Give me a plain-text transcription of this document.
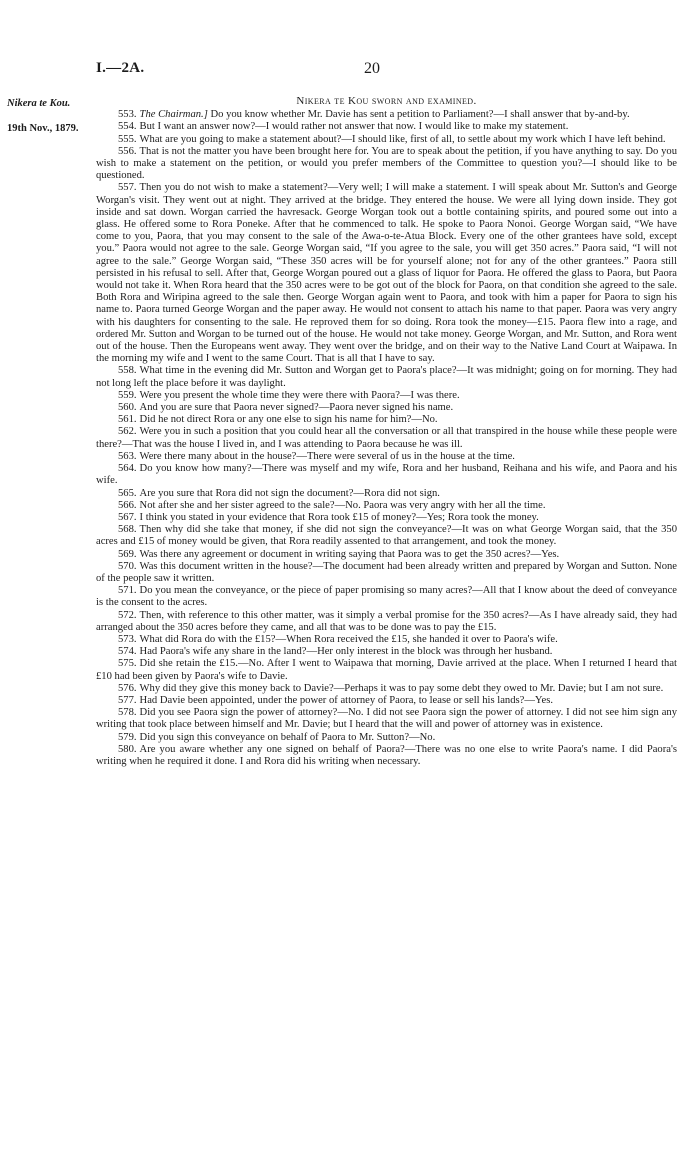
I.—2A.	20
Nikera te Kou.
19th Nov., 1879.
Nikera te Kou sworn and examined.

553. The Chairman.] Do you know whether Mr. Davie has sent a petition to Parliament?—I shall answer that by-and-by.

554. But I want an answer now?—I would rather not answer that now. I would like to make my statement.

555. What are you going to make a statement about?—I should like, first of all, to settle about my work which I have left behind.

556. That is not the matter you have been brought here for. You are to speak about the petition, if you have anything to say. Do you wish to make a statement on the petition, or would you prefer members of the Committee to question you?—I should like to be questioned.

557. Then you do not wish to make a statement?—Very well; I will make a statement. I will speak about Mr. Sutton's and George Worgan's visit. They went out at night. They arrived at the bridge. They entered the house. We were all lying down inside. They got inside and sat down. Worgan carried the havresack. George Worgan took out a bottle containing spirits, and poured some out into a glass. He offered some to Rora Poneke. After that he commenced to talk. He spoke to Paora Nonoi. George Worgan said, “We have come to you, Paora, that you may consent to the sale of the Awa-o-te-Atua Block. Every one of the other grantees have sold, except you.” Paora would not agree to the sale. George Worgan said, “If you agree to the sale, you will get 350 acres.” Paora said, “I will not agree to the sale.” George Worgan said, “These 350 acres will be for yourself alone; not for any of the other grantees.” Paora still persisted in his refusal to sell. After that, George Worgan poured out a glass of liquor for Paora. He offered the glass to Paora, but Paora would not take it. When Rora heard that the 350 acres were to be got out of the block for Paora, on that condition she agreed to the sale. Both Rora and Wiripina agreed to the sale then. George Worgan again went to Paora, and took with him a paper for Paora to sign his name to. Paora turned George Worgan and the paper away. He would not consent to attach his name to that paper. Paora was very angry with his daughters for consenting to the sale. He reproved them for so doing. Rora took the money—£15. Paora flew into a rage, and ordered Mr. Sutton and Worgan to be turned out of the house. He would not take money. George Worgan, and Mr. Sutton, and Rora went out of the house. Then the Europeans went away. They went over the bridge, and on their way to the Native Land Court at Waipawa. In the morning my wife and I went to the same Court. That is all that I have to say.

558. What time in the evening did Mr. Sutton and Worgan get to Paora's place?—It was midnight; going on for morning. They had not long left the place before it was daylight.

559. Were you present the whole time they were there with Paora?—I was there.

560. And you are sure that Paora never signed?—Paora never signed his name.

561. Did he not direct Rora or any one else to sign his name for him?—No.

562. Were you in such a position that you could hear all the conversation or all that transpired in the house while these people were there?—That was the house I lived in, and I was attending to Paora because he was ill.

563. Were there many about in the house?—There were several of us in the house at the time.

564. Do you know how many?—There was myself and my wife, Rora and her husband, Reihana and his wife, and Paora and his wife.

565. Are you sure that Rora did not sign the document?—Rora did not sign.

566. Not after she and her sister agreed to the sale?—No. Paora was very angry with her all the time.

567. I think you stated in your evidence that Rora took £15 of money?—Yes; Rora took the money.

568. Then why did she take that money, if she did not sign the conveyance?—It was on what George Worgan said, that the 350 acres and £15 of money would be given, that Rora readily assented to that arrangement, and took the money.

569. Was there any agreement or document in writing saying that Paora was to get the 350 acres?—Yes.

570. Was this document written in the house?—The document had been already written and prepared by Worgan and Sutton. None of the people saw it written.

571. Do you mean the conveyance, or the piece of paper promising so many acres?—All that I know about the deed of conveyance is the consent to the acres.

572. Then, with reference to this other matter, was it simply a verbal promise for the 350 acres?—As I have already said, they had arranged about the 350 acres before they came, and all that was to be done was to pay the £15.

573. What did Rora do with the £15?—When Rora received the £15, she handed it over to Paora's wife.

574. Had Paora's wife any share in the land?—Her only interest in the block was through her husband.

575. Did she retain the £15.—No. After I went to Waipawa that morning, Davie arrived at the place. When I returned I heard that £10 had been given by Paora's wife to Davie.

576. Why did they give this money back to Davie?—Perhaps it was to pay some debt they owed to Mr. Davie; but I am not sure.

577. Had Davie been appointed, under the power of attorney of Paora, to lease or sell his lands?—Yes.

578. Did you see Paora sign the power of attorney?—No. I did not see Paora sign the power of attorney. I did not see him sign any writing that took place between himself and Mr. Davie; but I heard that the will and power of attorney was in existence.

579. Did you sign this conveyance on behalf of Paora to Mr. Sutton?—No.

580. Are you aware whether any one signed on behalf of Paora?—There was no one else to write Paora's name. I did Paora's writing when he required it done. I and Rora did his writing when necessary.
